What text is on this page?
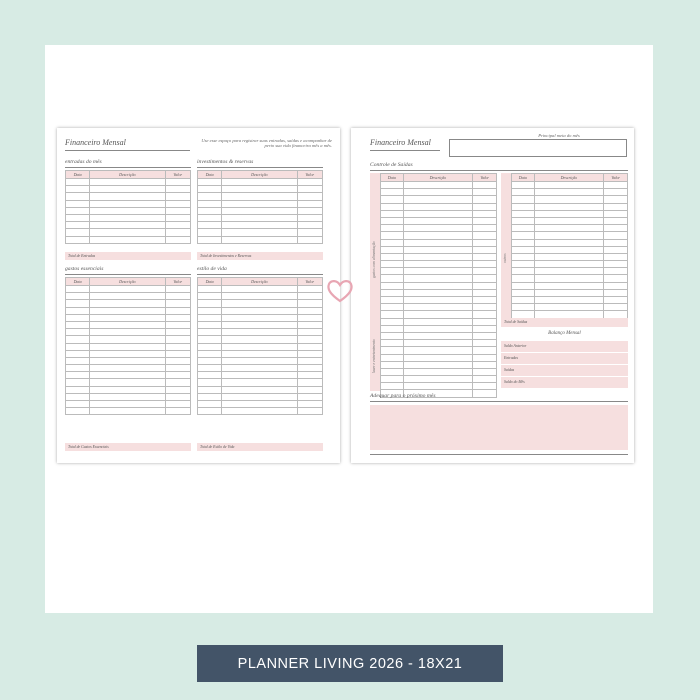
Financeiro Mensal	Use esse espaço para registrar suas entradas, saídas e acompanhar de perto sua vida financeira mês a mês.
entradas do mês
Data	Descrição	Valor

Total de Entradas
investimentos & reservas
Data	Descrição	Valor

Total de Investimentos e Reservas
gastos essenciais
Data	Descrição	Valor

Total de Gastos Essenciais
estilo de vida
Data	Descrição	Valor

Total de Estilo de Vida
Financeiro Mensal
Principal meta do mês
Controle de Saídas
gastos com alimentação
lazer e entretenimento
Data	Descrição	Valor

outros
Data	Descrição	Valor

Total de Saídas
Balanço Mensal
Saldo Anterior
Entradas
Saídas
Saldo do Mês
Adequar para o próximo mês
PLANNER LIVING 2026 - 18X21
